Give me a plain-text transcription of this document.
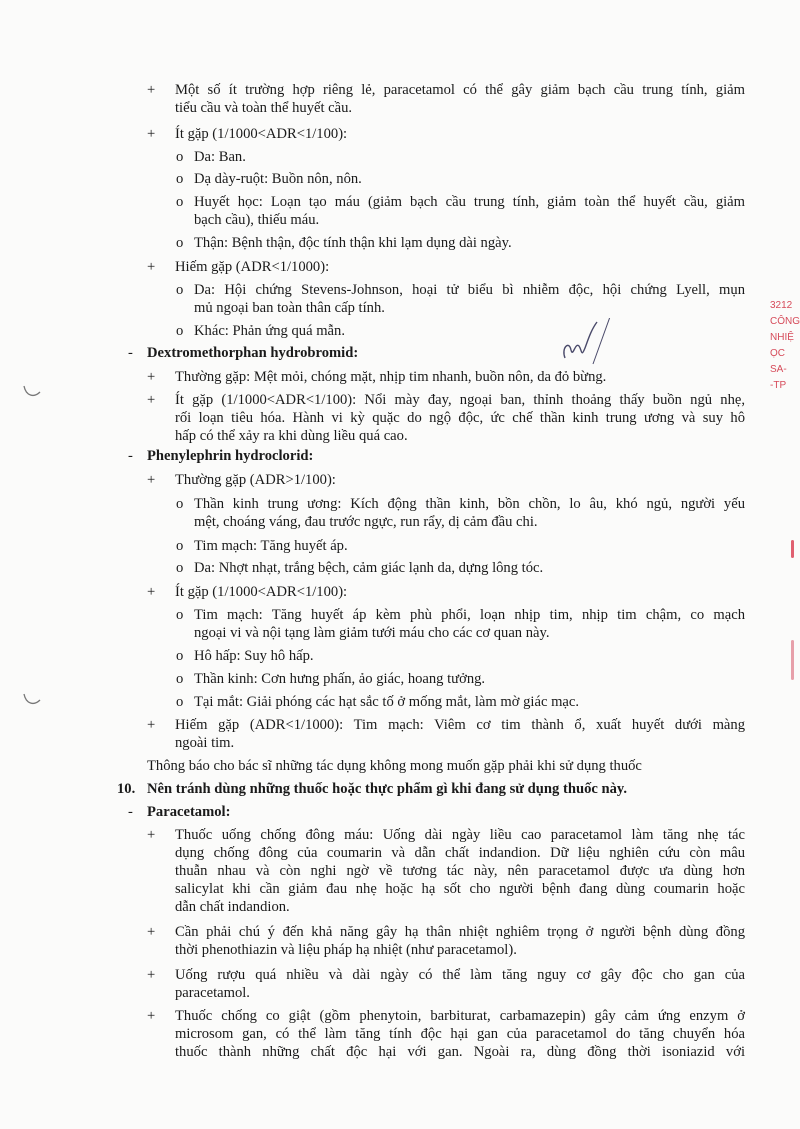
+ Một số ít trường hợp riêng lẻ, paracetamol có thể gây giảm bạch cầu trung tính, giảm
tiểu cầu và toàn thể huyết cầu.
+ Ít gặp (1/1000<ADR<1/100):
o Da: Ban.
o Dạ dày-ruột: Buồn nôn, nôn.
o Huyết học: Loạn tạo máu (giảm bạch cầu trung tính, giảm toàn thể huyết cầu, giảm
bạch cầu), thiếu máu.
o Thận: Bệnh thận, độc tính thận khi lạm dụng dài ngày.
+ Hiếm gặp (ADR<1/1000):
o Da: Hội chứng Stevens-Johnson, hoại tử biểu bì nhiễm độc, hội chứng Lyell, mụn
mủ ngoại ban toàn thân cấp tính.
o Khác: Phản ứng quá mẫn.
- Dextromethorphan hydrobromid:
+ Thường gặp: Mệt mỏi, chóng mặt, nhịp tim nhanh, buồn nôn, da đỏ bừng.
+ Ít gặp (1/1000<ADR<1/100): Nổi mày đay, ngoại ban, thỉnh thoảng thấy buồn ngủ nhẹ,
rối loạn tiêu hóa. Hành vi kỳ quặc do ngộ độc, ức chế thần kinh trung ương và suy hô
hấp có thể xảy ra khi dùng liều quá cao.
- Phenylephrin hydroclorid:
+ Thường gặp (ADR>1/100):
o Thần kinh trung ương: Kích động thần kinh, bồn chồn, lo âu, khó ngủ, người yếu
mệt, choáng váng, đau trước ngực, run rẩy, dị cảm đầu chi.
o Tim mạch: Tăng huyết áp.
o Da: Nhợt nhạt, trắng bệch, cảm giác lạnh da, dựng lông tóc.
+ Ít gặp (1/1000<ADR<1/100):
o Tim mạch: Tăng huyết áp kèm phù phổi, loạn nhịp tim, nhịp tim chậm, co mạch
ngoại vi và nội tạng làm giảm tưới máu cho các cơ quan này.
o Hô hấp: Suy hô hấp.
o Thần kinh: Cơn hưng phấn, ảo giác, hoang tưởng.
o Tại mắt: Giải phóng các hạt sắc tố ở mống mắt, làm mờ giác mạc.
+ Hiếm gặp (ADR<1/1000): Tim mạch: Viêm cơ tim thành ổ, xuất huyết dưới màng
ngoài tim.
Thông báo cho bác sĩ những tác dụng không mong muốn gặp phải khi sử dụng thuốc
10. Nên tránh dùng những thuốc hoặc thực phẩm gì khi đang sử dụng thuốc này.
- Paracetamol:
+ Thuốc uống chống đông máu: Uống dài ngày liều cao paracetamol làm tăng nhẹ tác
dụng chống đông của coumarin và dẫn chất indandion. Dữ liệu nghiên cứu còn mâu
thuẫn nhau và còn nghi ngờ về tương tác này, nên paracetamol được ưa dùng hơn
salicylat khi cần giảm đau nhẹ hoặc hạ sốt cho người bệnh đang dùng coumarin hoặc
dẫn chất indandion.
+ Cần phải chú ý đến khả năng gây hạ thân nhiệt nghiêm trọng ở người bệnh dùng đồng
thời phenothiazin và liệu pháp hạ nhiệt (như paracetamol).
+ Uống rượu quá nhiều và dài ngày có thể làm tăng nguy cơ gây độc cho gan của
paracetamol.
+ Thuốc chống co giật (gồm phenytoin, barbiturat, carbamazepin) gây cảm ứng enzym ở
microsom gan, có thể làm tăng tính độc hại gan của paracetamol do tăng chuyển hóa
thuốc thành những chất độc hại với gan. Ngoài ra, dùng đồng thời isoniazid với
3212
CÔNG
NHIỆ
ỌC
SA-
-TP
